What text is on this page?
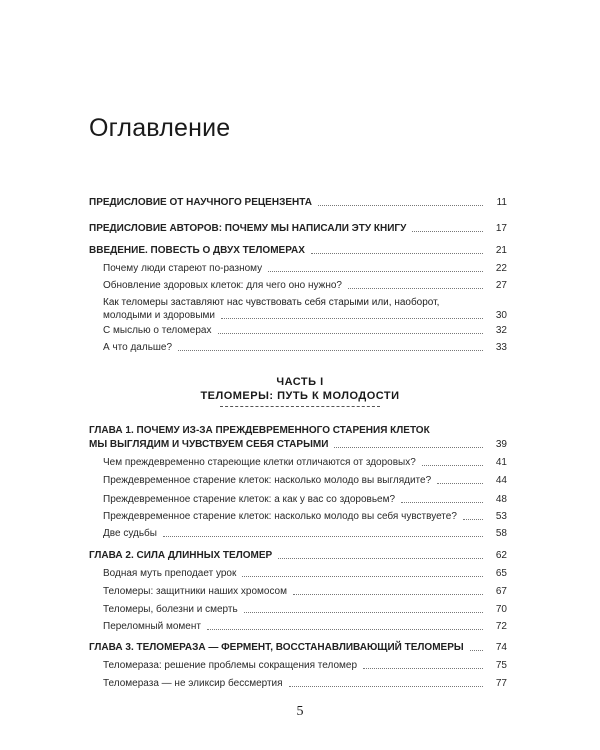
Оглавление
ПРЕДИСЛОВИЕ ОТ НАУЧНОГО РЕЦЕНЗЕНТА	11
ПРЕДИСЛОВИЕ АВТОРОВ: ПОЧЕМУ МЫ НАПИСАЛИ ЭТУ КНИГУ	17
ВВЕДЕНИЕ. ПОВЕСТЬ О ДВУХ ТЕЛОМЕРАХ	21
Почему люди стареют по-разному	22
Обновление здоровых клеток: для чего оно нужно?	27
Как теломеры заставляют нас чувствовать себя старыми или, наоборот,
молодыми и здоровыми	30
С мыслью о теломерах	32
А что дальше?	33
ЧАСТЬ I
ТЕЛОМЕРЫ: ПУТЬ К МОЛОДОСТИ
ГЛАВА 1. ПОЧЕМУ ИЗ-ЗА ПРЕЖДЕВРЕМЕННОГО СТАРЕНИЯ КЛЕТОК
МЫ ВЫГЛЯДИМ И ЧУВСТВУЕМ СЕБЯ СТАРЫМИ	39
Чем преждевременно стареющие клетки отличаются от здоровых?	41
Преждевременное старение клеток: насколько молодо вы выглядите?	44
Преждевременное старение клеток: а как у вас со здоровьем?	48
Преждевременное старение клеток: насколько молодо вы себя чувствуете?	53
Две судьбы	58
ГЛАВА 2. СИЛА ДЛИННЫХ ТЕЛОМЕР	62
Водная муть преподает урок	65
Теломеры: защитники наших хромосом	67
Теломеры, болезни и смерть	70
Переломный момент	72
ГЛАВА 3. ТЕЛОМЕРАЗА — ФЕРМЕНТ, ВОССТАНАВЛИВАЮЩИЙ ТЕЛОМЕРЫ	74
Теломераза: решение проблемы сокращения теломер	75
Теломераза — не эликсир бессмертия	77
5
